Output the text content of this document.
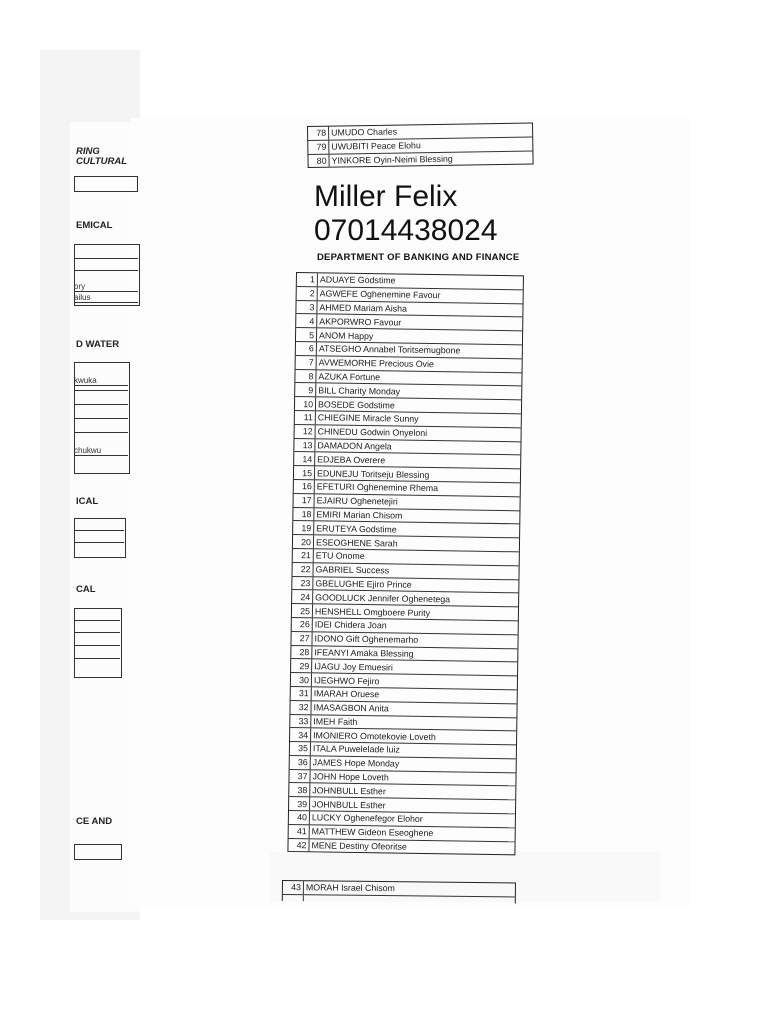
RING
CULTURAL
EMICAL
ory
ailus
D WATER
kwuka
chukwu
ICAL
CAL
CE AND
78 UMUDO Charles
79 UWUBITI Peace Elohu
80 YINKORE Oyin-Neimi Blessing
Miller Felix
07014438024
DEPARTMENT OF BANKING AND FINANCE
1 ADUAYE Godstime
2 AGWEFE Oghenemine Favour
3 AHMED Mariam Aisha
4 AKPORWRO Favour
5 ANOM Happy
6 ATSEGHO Annabel Toritsemugbone
7 AVWEMORHE Precious Ovie
8 AZUKA Fortune
9 BILL Charity Monday
10 BOSEDE Godstime
11 CHIEGINE Miracle Sunny
12 CHINEDU Godwin Onyeloni
13 DAMADON Angela
14 EDJEBA Overere
15 EDUNEJU Toritseju Blessing
16 EFETURI Oghenemine Rhema
17 EJAIRU Oghenetejiri
18 EMIRI Marian Chisom
19 ERUTEYA Godstime
20 ESEOGHENE Sarah
21 ETU Onome
22 GABRIEL Success
23 GBELUGHE Ejiro Prince
24 GOODLUCK Jennifer Oghenetega
25 HENSHELL Omgboere Purity
26 IDEI Chidera Joan
27 IDONO Gift Oghenemarho
28 IFEANYI Amaka Blessing
29 IJAGU Joy Emuesiri
30 IJEGHWO Fejiro
31 IMARAH Oruese
32 IMASAGBON Anita
33 IMEH Faith
34 IMONIERO Omotekovie Loveth
35 ITALA Puwelelade luiz
36 JAMES Hope Monday
37 JOHN Hope Loveth
38 JOHNBULL Esther
39 JOHNBULL Esther
40 LUCKY Oghenefegor Elohor
41 MATTHEW Gideon Eseoghene
42 MENE Destiny Ofeoritse
43 MORAH Israel Chisom
